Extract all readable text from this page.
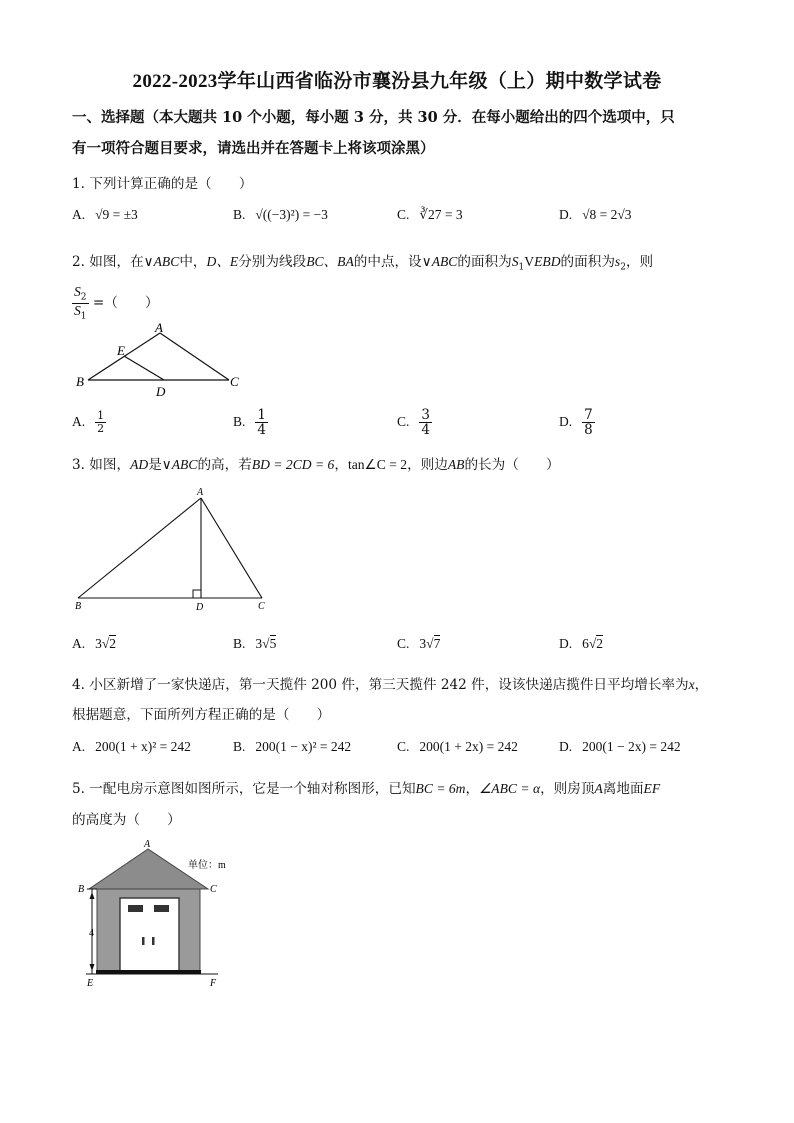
2022-2023学年山西省临汾市襄汾县九年级（上）期中数学试卷
一、选择题（本大题共 10 个小题，每小题 3 分，共 30 分．在每小题给出的四个选项中，只
有一项符合题目要求，请选出并在答题卡上将该项涂黑）
1. 下列计算正确的是（　　）
A. √9 = ±3	B. √((−3)²) = −3	C. ∛27 = 3	D. √8 = 2√3
2. 如图，在∨ABC中，D、E分别为线段BC、BA的中点，设∨ABC的面积为$S_1VEBD$的面积为$s_2$，则
$\frac{S_2}{S_1}$ =（　　）
A
E
B
D
C
A. $\frac{1}{2}$	B. $\frac{1}{4}$	C. $\frac{3}{4}$	D. $\frac{7}{8}$
3. 如图，AD是∨ABC的高，若BD = 2CD = 6，tan∠C = 2，则边AB的长为（　　）
A
B	D	C
A. 3√2	B. 3√5	C. 3√7	D. 6√2
4. 小区新增了一家快递店，第一天揽件 200 件，第三天揽件 242 件，设该快递店揽件日平均增长率为x，
根据题意，下面所列方程正确的是（　　）
A. 200(1 + x)² = 242	B. 200(1 − x)² = 242	C. 200(1 + 2x) = 242	D. 200(1 − 2x) = 242
5. 一配电房示意图如图所示，它是一个轴对称图形，已知BC = 6m，∠ABC = α，则房顶A离地面EF
的高度为（　　）
4
A
B	C
E	F
单位：m
